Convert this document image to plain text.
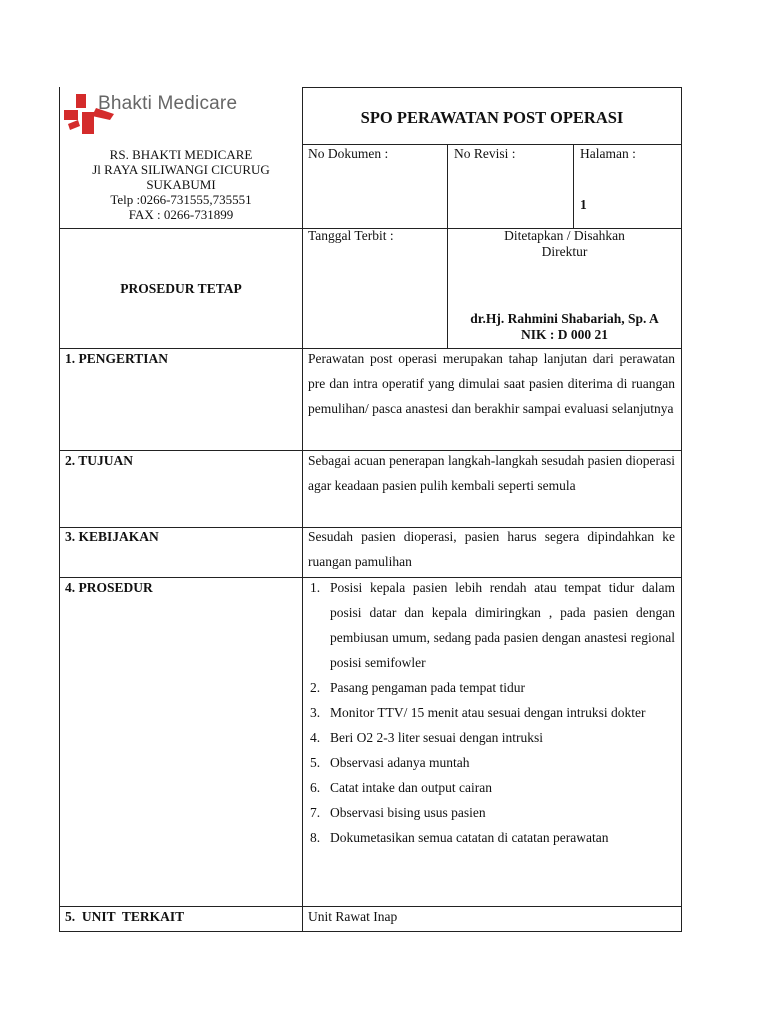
Bhakti Medicare
RS. BHAKTI MEDICARE
Jl RAYA SILIWANGI CICURUG
SUKABUMI
Telp :0266-731555,735551
FAX : 0266-731899
SPO PERAWATAN POST OPERASI
No Dokumen :	No Revisi :	Halaman :
1
PROSEDUR TETAP
Tanggal Terbit :	Ditetapkan / Disahkan
Direktur
dr.Hj. Rahmini Shabariah, Sp. A
NIK : D 000 21
1. PENGERTIAN	Perawatan post operasi merupakan tahap lanjutan dari perawatan pre dan intra operatif yang dimulai saat pasien diterima di ruangan pemulihan/ pasca anastesi dan berakhir sampai evaluasi selanjutnya
2. TUJUAN	Sebagai acuan penerapan langkah-langkah sesudah pasien dioperasi agar keadaan pasien pulih kembali seperti semula
3. KEBIJAKAN	Sesudah pasien dioperasi, pasien harus segera dipindahkan ke ruangan pamulihan
4. PROSEDUR	1. Posisi kepala pasien lebih rendah atau tempat tidur dalam posisi datar dan kepala dimiringkan , pada pasien dengan pembiusan umum, sedang pada pasien dengan anastesi regional posisi semifowler
2. Pasang pengaman pada tempat tidur
3. Monitor TTV/ 15 menit atau sesuai dengan intruksi dokter
4. Beri O2 2-3 liter sesuai dengan intruksi
5. Observasi adanya muntah
6. Catat intake dan output cairan
7. Observasi bising usus pasien
8. Dokumetasikan semua catatan di catatan perawatan
5.  UNIT  TERKAIT	Unit Rawat Inap
